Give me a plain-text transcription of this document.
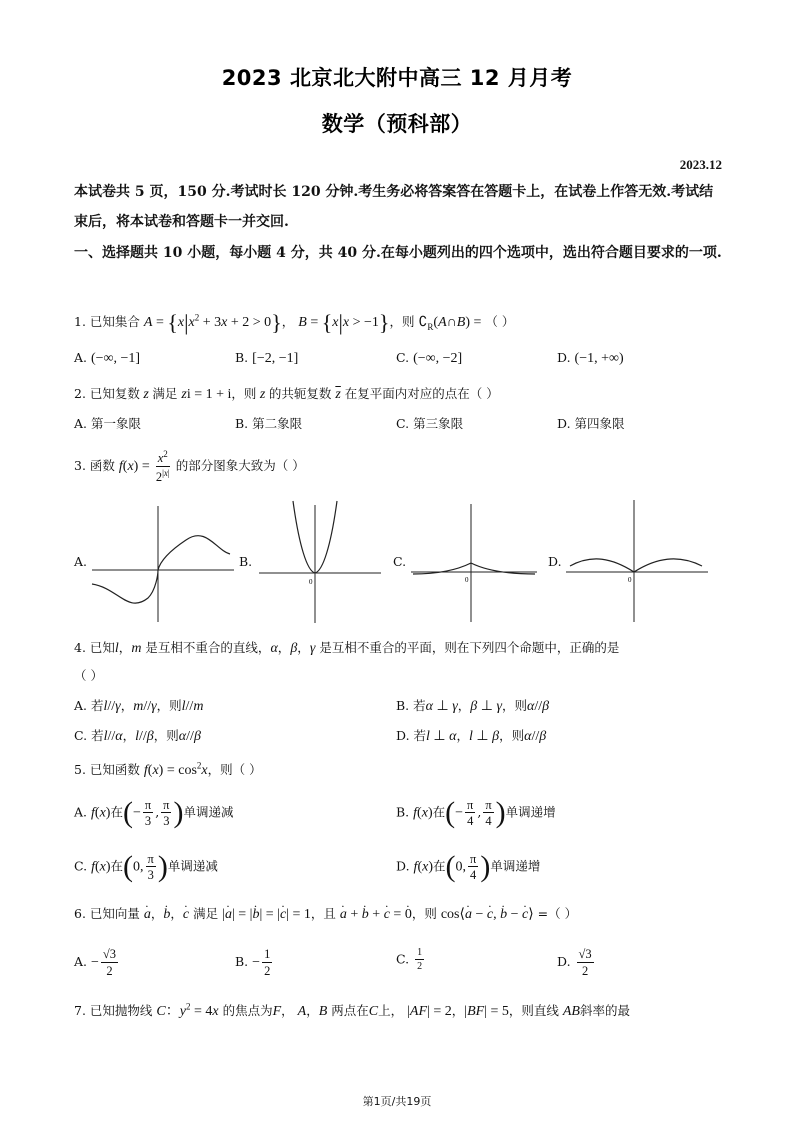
2023 北京北大附中高三 12 月月考
数学（预科部）
2023.12
本试卷共 5 页，150 分.考试时长 120 分钟.考生务必将答案答在答题卡上，在试卷上作答无效.考试结束后，将本试卷和答题卡一并交回.
一、选择题共 10 小题，每小题 4 分，共 40 分.在每小题列出的四个选项中，选出符合题目要求的一项.
1. 已知集合 $A = \{x|x^2 + 3x + 2 > 0\}$， B = {x|x > −1}，则 $∁_R(A\cap B)$ = （ ）
A. (−∞, −1]	B. [−2, −1]	C. (−∞, −2]	D. (−1, +∞)
2. 已知复数 z 满足 zi = 1 + i，则 z 的共轭复数 $\overline{z}$ 在复平面内对应的点在（ ）
A. 第一象限	B. 第二象限	C. 第三象限	D. 第四象限
3. 函数 $f(x) = \frac{x^2}{2^{|x|}}$ 的部分图象大致为（ ）
A.	B.
0
C.
0
D.
0
4. 已知l，m 是互相不重合的直线，α，β，γ 是互相不重合的平面，则在下列四个命题中，正确的是
（ ）
A. 若l//γ，m//γ，则l//m	B. 若α ⊥ γ，β ⊥ γ，则α//β
C. 若l//α，l//β，则α//β	D. 若l ⊥ α，l ⊥ β，则α//β
5. 已知函数 $f(x) = \cos^2x$，则（ ）
A. f(x)在(− $\frac{\pi}{3}$ , $\frac{\pi}{3}$ )单调递减	B. f(x)在(− $\frac{\pi}{4}$ , $\frac{\pi}{4}$ )单调递增
C. f(x)在(0, $\frac{\pi}{3}$ )单调递减	D. f(x)在(0, $\frac{\pi}{4}$ )单调递增
6. 已知向量 · a，· b，· c 满足 |· a| = |· b| = |· c| = 1，且 · a + · b + · c = · 0，则 cos⟨· a − · c, · b − · c⟩ =（ ）
A. − $\frac{√3}{2}$	B. − $\frac{1}{2}$	C. $\frac{1}{2}$	D. $\frac{√3}{2}$
7. 已知抛物线 C：$y^2 = 4x$ 的焦点为F， A，B 两点在C上， |AF| = 2，|BF| = 5，则直线 AB斜率的最
第1页/共19页
